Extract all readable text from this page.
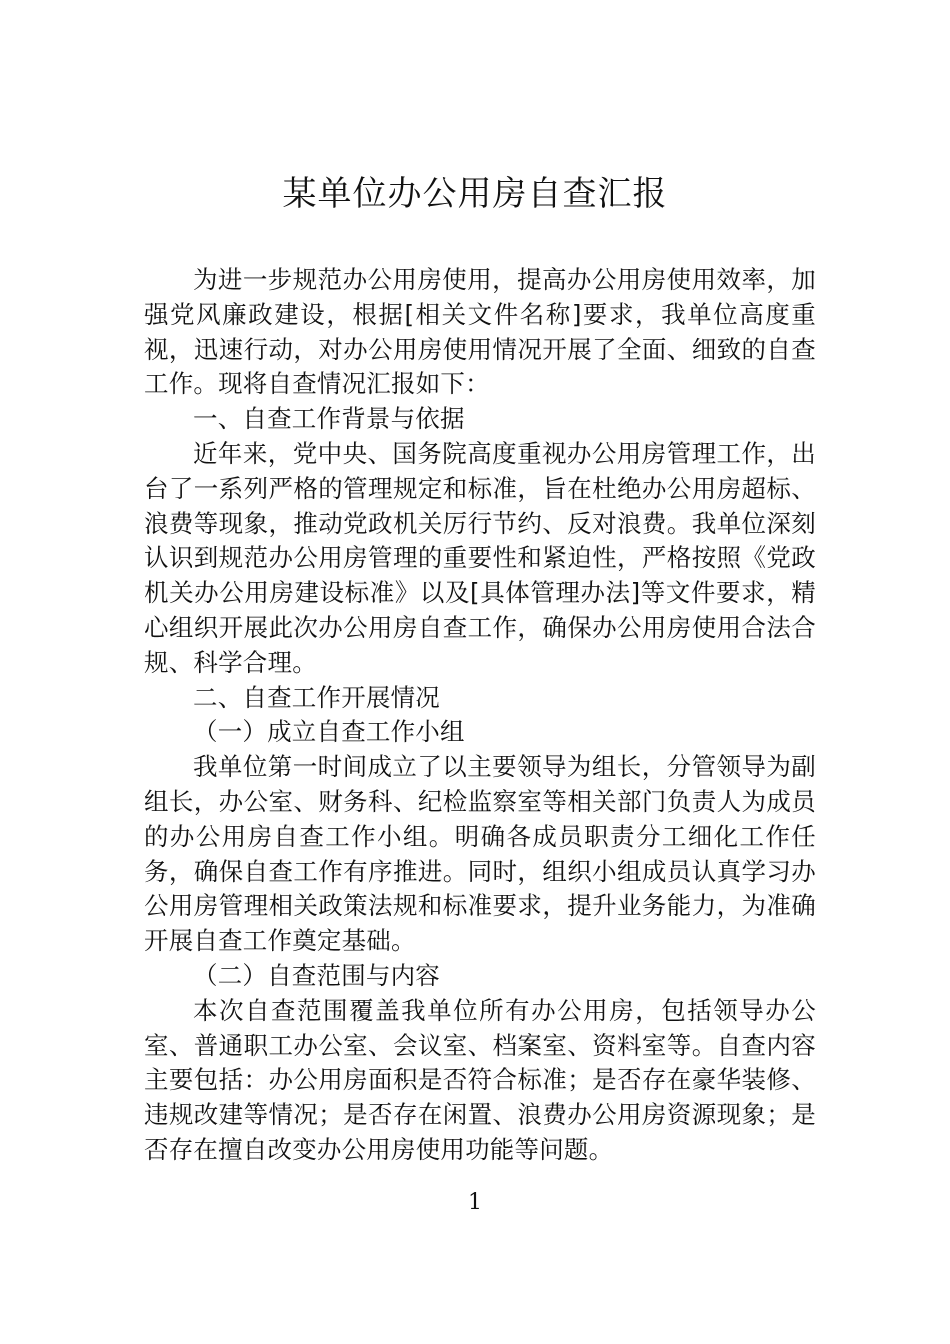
某单位办公用房自查汇报

为进一步规范办公用房使用，提高办公用房使用效率，加强党风廉政建设，根据[相关文件名称]要求，我单位高度重视，迅速行动，对办公用房使用情况开展了全面、细致的自查工作。现将自查情况汇报如下：

一、自查工作背景与依据

近年来，党中央、国务院高度重视办公用房管理工作，出台了一系列严格的管理规定和标准，旨在杜绝办公用房超标、浪费等现象，推动党政机关厉行节约、反对浪费。我单位深刻认识到规范办公用房管理的重要性和紧迫性，严格按照《党政机关办公用房建设标准》以及[具体管理办法]等文件要求，精心组织开展此次办公用房自查工作，确保办公用房使用合法合规、科学合理。

二、自查工作开展情况

（一）成立自查工作小组

我单位第一时间成立了以主要领导为组长，分管领导为副组长，办公室、财务科、纪检监察室等相关部门负责人为成员的办公用房自查工作小组。明确各成员职责分工细化工作任务，确保自查工作有序推进。同时，组织小组成员认真学习办公用房管理相关政策法规和标准要求，提升业务能力，为准确开展自查工作奠定基础。

（二）自查范围与内容

本次自查范围覆盖我单位所有办公用房，包括领导办公室、普通职工办公室、会议室、档案室、资料室等。自查内容主要包括：办公用房面积是否符合标准；是否存在豪华装修、违规改建等情况；是否存在闲置、浪费办公用房资源现象；是否存在擅自改变办公用房使用功能等问题。

1
